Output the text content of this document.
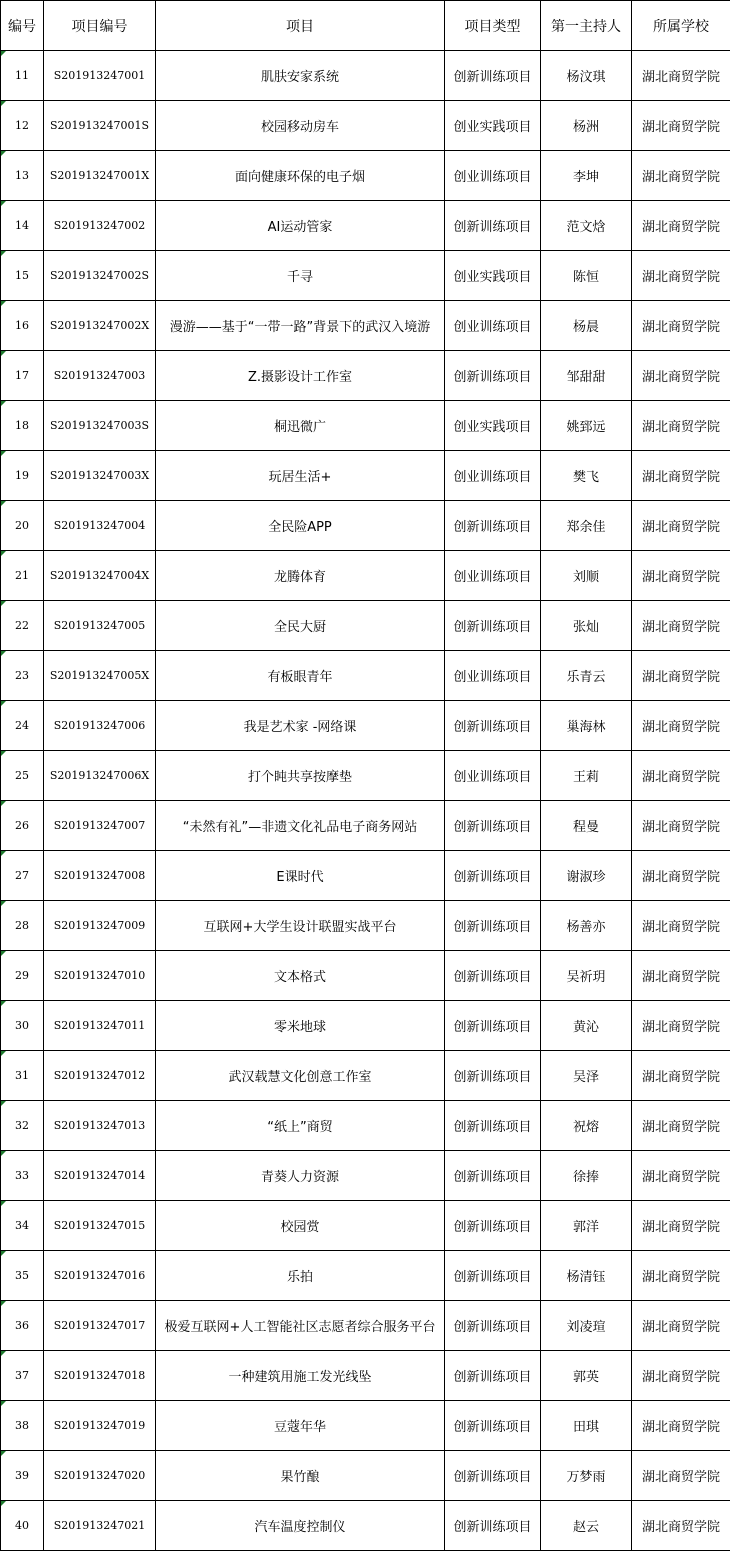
编号	项目编号	项目	项目类型	第一主持人	所属学校
11	S201913247001	肌肤安家系统	创新训练项目	杨汶琪	湖北商贸学院
12	S201913247001S	校园移动房车	创业实践项目	杨洲	湖北商贸学院
13	S201913247001X	面向健康环保的电子烟	创业训练项目	李坤	湖北商贸学院
14	S201913247002	AI运动管家	创新训练项目	范文焓	湖北商贸学院
15	S201913247002S	千寻	创业实践项目	陈恒	湖北商贸学院
16	S201913247002X	漫游——基于“一带一路”背景下的武汉入境游	创业训练项目	杨晨	湖北商贸学院
17	S201913247003	Z.摄影设计工作室	创新训练项目	邹甜甜	湖北商贸学院
18	S201913247003S	桐迅微广	创业实践项目	姚郅远	湖北商贸学院
19	S201913247003X	玩居生活+	创业训练项目	樊飞	湖北商贸学院
20	S201913247004	全民险APP	创新训练项目	郑余佳	湖北商贸学院
21	S201913247004X	龙腾体育	创业训练项目	刘顺	湖北商贸学院
22	S201913247005	全民大厨	创新训练项目	张灿	湖北商贸学院
23	S201913247005X	有板眼青年	创业训练项目	乐青云	湖北商贸学院
24	S201913247006	我是艺术家 -网络课	创新训练项目	巢海林	湖北商贸学院
25	S201913247006X	打个盹共享按摩垫	创业训练项目	王莉	湖北商贸学院
26	S201913247007	“未然有礼”—非遗文化礼品电子商务网站	创新训练项目	程曼	湖北商贸学院
27	S201913247008	E课时代	创新训练项目	谢淑珍	湖北商贸学院
28	S201913247009	互联网+大学生设计联盟实战平台	创新训练项目	杨善亦	湖北商贸学院
29	S201913247010	文本格式	创新训练项目	吴祈玥	湖北商贸学院
30	S201913247011	零米地球	创新训练项目	黄沁	湖北商贸学院
31	S201913247012	武汉载慧文化创意工作室	创新训练项目	吴泽	湖北商贸学院
32	S201913247013	“纸上”商贸	创新训练项目	祝熔	湖北商贸学院
33	S201913247014	青葵人力资源	创新训练项目	徐捧	湖北商贸学院
34	S201913247015	校园赏	创新训练项目	郭洋	湖北商贸学院
35	S201913247016	乐拍	创新训练项目	杨清钰	湖北商贸学院
36	S201913247017	极爱互联网+人工智能社区志愿者综合服务平台	创新训练项目	刘凌瑄	湖北商贸学院
37	S201913247018	一种建筑用施工发光线坠	创新训练项目	郭英	湖北商贸学院
38	S201913247019	豆蔻年华	创新训练项目	田琪	湖北商贸学院
39	S201913247020	果竹酿	创新训练项目	万梦雨	湖北商贸学院
40	S201913247021	汽车温度控制仪	创新训练项目	赵云	湖北商贸学院
